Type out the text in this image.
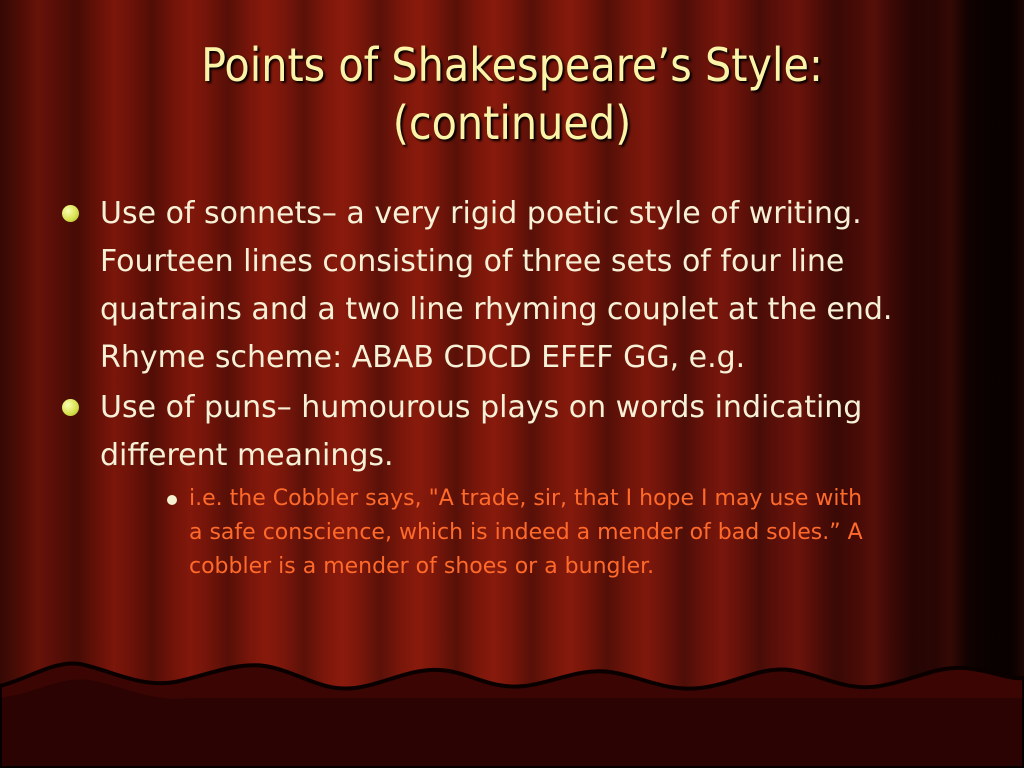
Points of Shakespeare’s Style:
(continued)
Use of sonnets– a very rigid poetic style of writing. Fourteen lines consisting of three sets of four line quatrains and a two line rhyming couplet at the end. Rhyme scheme: ABAB CDCD EFEF GG, e.g.
Use of puns– humourous plays on words indicating different meanings.
i.e. the Cobbler says, "A trade, sir, that I hope I may use with a safe conscience, which is indeed a mender of bad soles.” A cobbler is a mender of shoes or a bungler.
